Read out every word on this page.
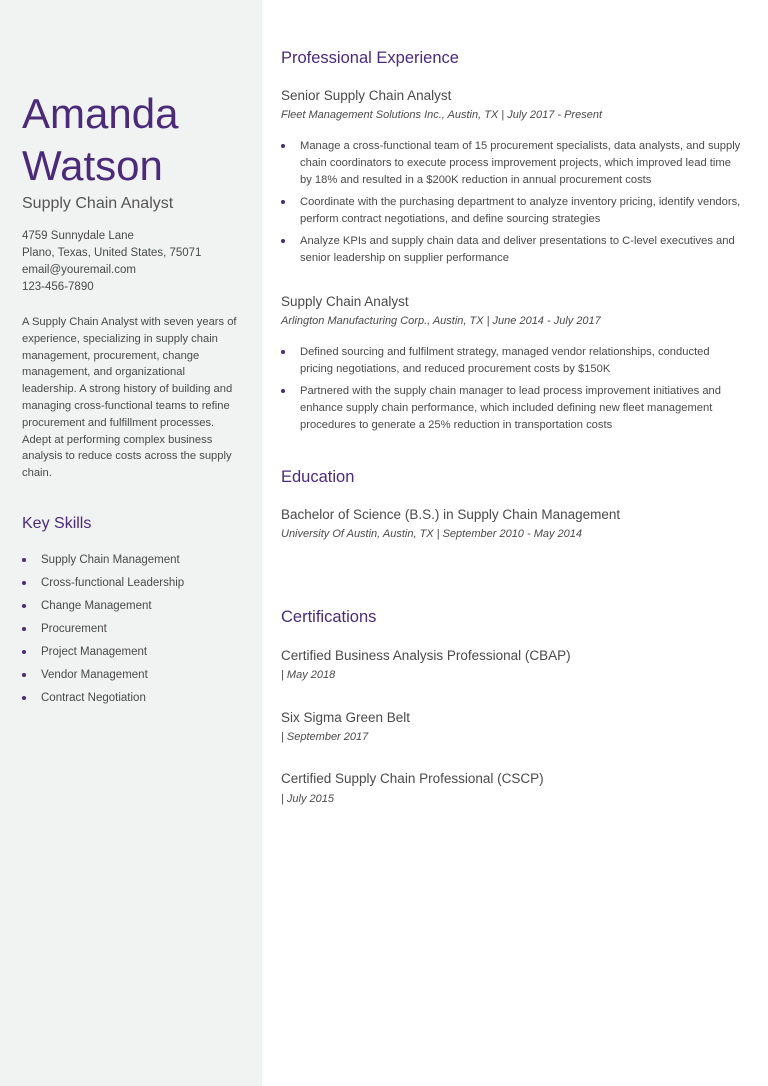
Amanda
Watson
Supply Chain Analyst
4759 Sunnydale Lane
Plano, Texas, United States, 75071
email@youremail.com
123-456-7890

A Supply Chain Analyst with seven years of experience, specializing in supply chain management, procurement, change management, and organizational leadership. A strong history of building and managing cross-functional teams to refine procurement and fulfillment processes. Adept at performing complex business analysis to reduce costs across the supply chain.

Key Skills
Supply Chain Management
Cross-functional Leadership
Change Management
Procurement
Project Management
Vendor Management
Contract Negotiation
Professional Experience
Senior Supply Chain Analyst

Fleet Management Solutions Inc., Austin, TX | July 2017 - Present

Manage a cross-functional team of 15 procurement specialists, data analysts, and supply chain coordinators to execute process improvement projects, which improved lead time by 18% and resulted in a $200K reduction in annual procurement costs
Coordinate with the purchasing department to analyze inventory pricing, identify vendors, perform contract negotiations, and define sourcing strategies
Analyze KPIs and supply chain data and deliver presentations to C-level executives and senior leadership on supplier performance
Supply Chain Analyst

Arlington Manufacturing Corp., Austin, TX | June 2014 - July 2017

Defined sourcing and fulfilment strategy, managed vendor relationships, conducted pricing negotiations, and reduced procurement costs by $150K
Partnered with the supply chain manager to lead process improvement initiatives and enhance supply chain performance, which included defining new fleet management procedures to generate a 25% reduction in transportation costs
Education
Bachelor of Science (B.S.) in Supply Chain Management

University Of Austin, Austin, TX | September 2010 - May 2014

Certifications
Certified Business Analysis Professional (CBAP)

| May 2018

Six Sigma Green Belt

| September 2017

Certified Supply Chain Professional (CSCP)

| July 2015
